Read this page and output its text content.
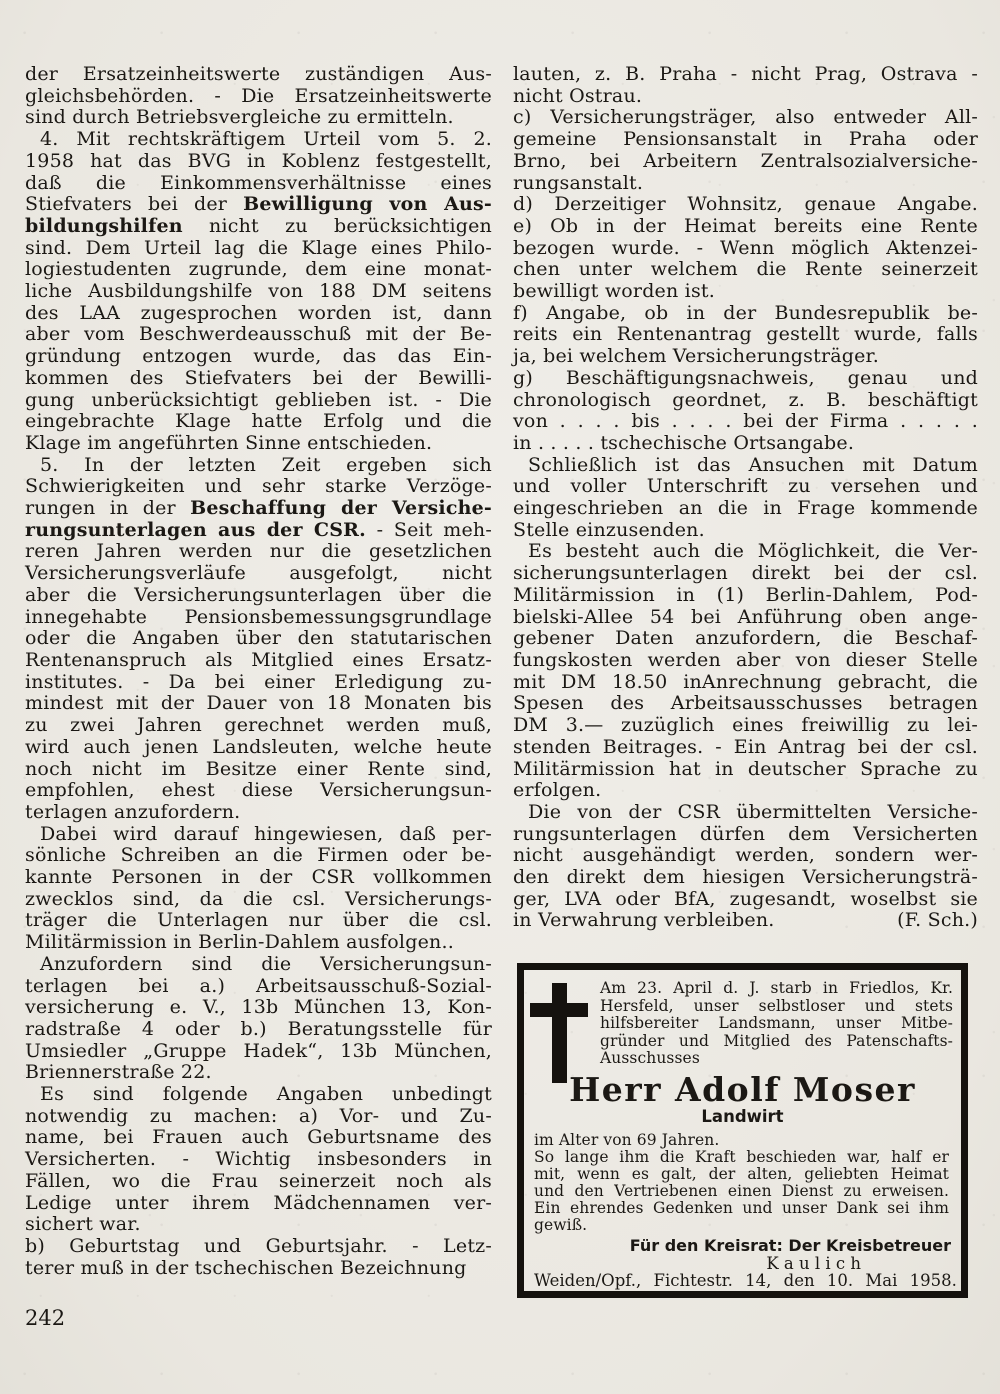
der Ersatzeinheitswerte zuständigen Aus-
gleichsbehörden. - Die Ersatzeinheitswerte
sind durch Betriebsvergleiche zu ermitteln.
4. Mit rechtskräftigem Urteil vom 5. 2.
1958 hat das BVG in Koblenz festgestellt,
daß die Einkommensverhältnisse eines
Stiefvaters bei der Bewilligung von Aus-
bildungshilfen nicht zu berücksichtigen
sind. Dem Urteil lag die Klage eines Philo-
logiestudenten zugrunde, dem eine monat-
liche Ausbildungshilfe von 188 DM seitens
des LAA zugesprochen worden ist, dann
aber vom Beschwerdeausschuß mit der Be-
gründung entzogen wurde, das das Ein-
kommen des Stiefvaters bei der Bewilli-
gung unberücksichtigt geblieben ist. - Die
eingebrachte Klage hatte Erfolg und die
Klage im angeführten Sinne entschieden.
5. In der letzten Zeit ergeben sich
Schwierigkeiten und sehr starke Verzöge-
rungen in der Beschaffung der Versiche-
rungsunterlagen aus der CSR. - Seit meh-
reren Jahren werden nur die gesetzlichen
Versicherungsverläufe ausgefolgt, nicht
aber die Versicherungsunterlagen über die
innegehabte Pensionsbemessungsgrundlage
oder die Angaben über den statutarischen
Rentenanspruch als Mitglied eines Ersatz-
institutes. - Da bei einer Erledigung zu-
mindest mit der Dauer von 18 Monaten bis
zu zwei Jahren gerechnet werden muß,
wird auch jenen Landsleuten, welche heute
noch nicht im Besitze einer Rente sind,
empfohlen, ehest diese Versicherungsun-
terlagen anzufordern.
Dabei wird darauf hingewiesen, daß per-
sönliche Schreiben an die Firmen oder be-
kannte Personen in der CSR vollkommen
zwecklos sind, da die csl. Versicherungs-
träger die Unterlagen nur über die csl.
Militärmission in Berlin-Dahlem ausfolgen..
Anzufordern sind die Versicherungsun-
terlagen bei a.) Arbeitsausschuß-Sozial-
versicherung e. V., 13b München 13, Kon-
radstraße 4 oder b.) Beratungsstelle für
Umsiedler „Gruppe Hadek“, 13b München,
Briennerstraße 22.
Es sind folgende Angaben unbedingt
notwendig zu machen: a) Vor- und Zu-
name, bei Frauen auch Geburtsname des
Versicherten. - Wichtig insbesonders in
Fällen, wo die Frau seinerzeit noch als
Ledige unter ihrem Mädchennamen ver-
sichert war.
b) Geburtstag und Geburtsjahr. - Letz-
terer muß in der tschechischen Bezeichnung
lauten, z. B. Praha - nicht Prag, Ostrava -
nicht Ostrau.
c) Versicherungsträger, also entweder All-
gemeine Pensionsanstalt in Praha oder
Brno, bei Arbeitern Zentralsozialversiche-
rungsanstalt.
d) Derzeitiger Wohnsitz, genaue Angabe.
e) Ob in der Heimat bereits eine Rente
bezogen wurde. - Wenn möglich Aktenzei-
chen unter welchem die Rente seinerzeit
bewilligt worden ist.
f) Angabe, ob in der Bundesrepublik be-
reits ein Rentenantrag gestellt wurde, falls
ja, bei welchem Versicherungsträger.
g) Beschäftigungsnachweis, genau und
chronologisch geordnet, z. B. beschäftigt
von . . . . bis . . . . bei der Firma . . . . .
in . . . . . tschechische Ortsangabe.
Schließlich ist das Ansuchen mit Datum
und voller Unterschrift zu versehen und
eingeschrieben an die in Frage kommende
Stelle einzusenden.
Es besteht auch die Möglichkeit, die Ver-
sicherungsunterlagen direkt bei der csl.
Militärmission in (1) Berlin-Dahlem, Pod-
bielski-Allee 54 bei Anführung oben ange-
gebener Daten anzufordern, die Beschaf-
fungskosten werden aber von dieser Stelle
mit DM 18.50 inAnrechnung gebracht, die
Spesen des Arbeitsausschusses betragen
DM 3.— zuzüglich eines freiwillig zu lei-
stenden Beitrages. - Ein Antrag bei der csl.
Militärmission hat in deutscher Sprache zu
erfolgen.
Die von der CSR übermittelten Versiche-
rungsunterlagen dürfen dem Versicherten
nicht ausgehändigt werden, sondern wer-
den direkt dem hiesigen Versicherungsträ-
ger, LVA oder BfA, zugesandt, woselbst sie
in Verwahrung verbleiben.	(F. Sch.)
Am 23. April d. J. starb in Friedlos, Kr.
Hersfeld, unser selbstloser und stets
hilfsbereiter Landsmann, unser Mitbe-
gründer und Mitglied des Patenschafts-
Ausschusses
Herr Adolf Moser
Landwirt
im Alter von 69 Jahren.
So lange ihm die Kraft beschieden war, half er
mit, wenn es galt, der alten, geliebten Heimat
und den Vertriebenen einen Dienst zu erweisen.
Ein ehrendes Gedenken und unser Dank sei ihm
gewiß.
Für den Kreisrat: Der Kreisbetreuer
K a u l i c h
Weiden/Opf., Fichtestr. 14, den 10. Mai 1958.
242
